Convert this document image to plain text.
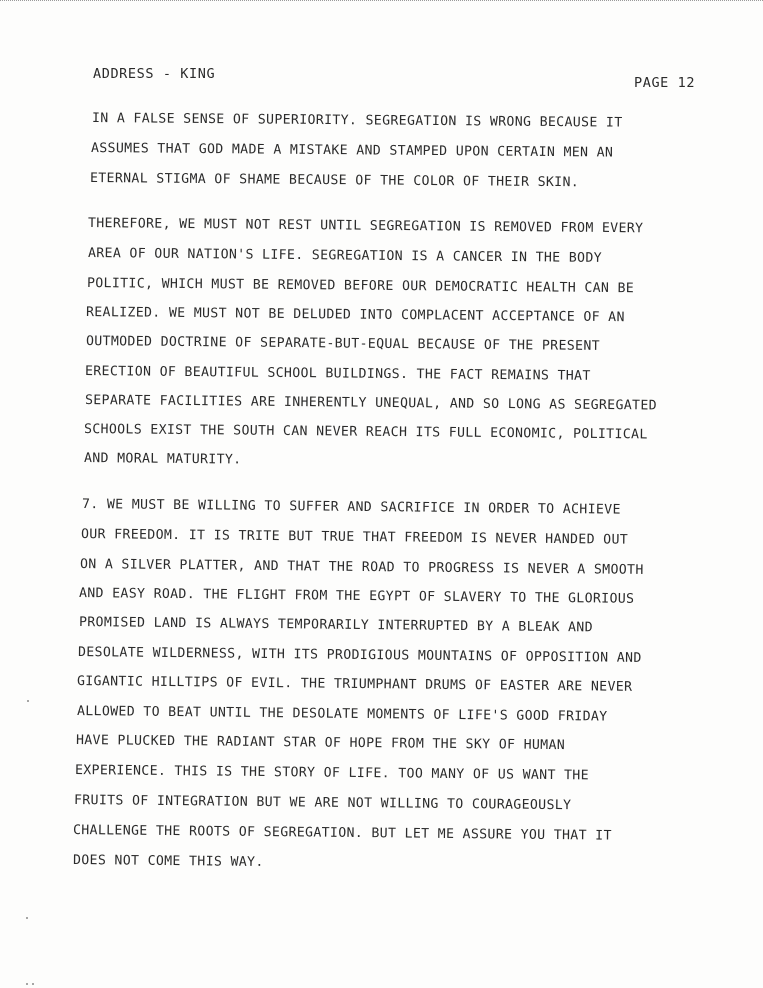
ADDRESS - KING
PAGE 12
IN A FALSE SENSE OF SUPERIORITY. SEGREGATION IS WRONG BECAUSE IT
ASSUMES THAT GOD MADE A MISTAKE AND STAMPED UPON CERTAIN MEN AN
ETERNAL STIGMA OF SHAME BECAUSE OF THE COLOR OF THEIR SKIN.
THEREFORE, WE MUST NOT REST UNTIL SEGREGATION IS REMOVED FROM EVERY
AREA OF OUR NATION'S LIFE. SEGREGATION IS A CANCER IN THE BODY
POLITIC, WHICH MUST BE REMOVED BEFORE OUR DEMOCRATIC HEALTH CAN BE
REALIZED. WE MUST NOT BE DELUDED INTO COMPLACENT ACCEPTANCE OF AN
OUTMODED DOCTRINE OF SEPARATE-BUT-EQUAL BECAUSE OF THE PRESENT
ERECTION OF BEAUTIFUL SCHOOL BUILDINGS. THE FACT REMAINS THAT
SEPARATE FACILITIES ARE INHERENTLY UNEQUAL, AND SO LONG AS SEGREGATED
SCHOOLS EXIST THE SOUTH CAN NEVER REACH ITS FULL ECONOMIC, POLITICAL
AND MORAL MATURITY.
7. WE MUST BE WILLING TO SUFFER AND SACRIFICE IN ORDER TO ACHIEVE
OUR FREEDOM. IT IS TRITE BUT TRUE THAT FREEDOM IS NEVER HANDED OUT
ON A SILVER PLATTER, AND THAT THE ROAD TO PROGRESS IS NEVER A SMOOTH
AND EASY ROAD. THE FLIGHT FROM THE EGYPT OF SLAVERY TO THE GLORIOUS
PROMISED LAND IS ALWAYS TEMPORARILY INTERRUPTED BY A BLEAK AND
DESOLATE WILDERNESS, WITH ITS PRODIGIOUS MOUNTAINS OF OPPOSITION AND
GIGANTIC HILLTIPS OF EVIL. THE TRIUMPHANT DRUMS OF EASTER ARE NEVER
ALLOWED TO BEAT UNTIL THE DESOLATE MOMENTS OF LIFE'S GOOD FRIDAY
HAVE PLUCKED THE RADIANT STAR OF HOPE FROM THE SKY OF HUMAN
EXPERIENCE. THIS IS THE STORY OF LIFE. TOO MANY OF US WANT THE
FRUITS OF INTEGRATION BUT WE ARE NOT WILLING TO COURAGEOUSLY
CHALLENGE THE ROOTS OF SEGREGATION. BUT LET ME ASSURE YOU THAT IT
DOES NOT COME THIS WAY.
